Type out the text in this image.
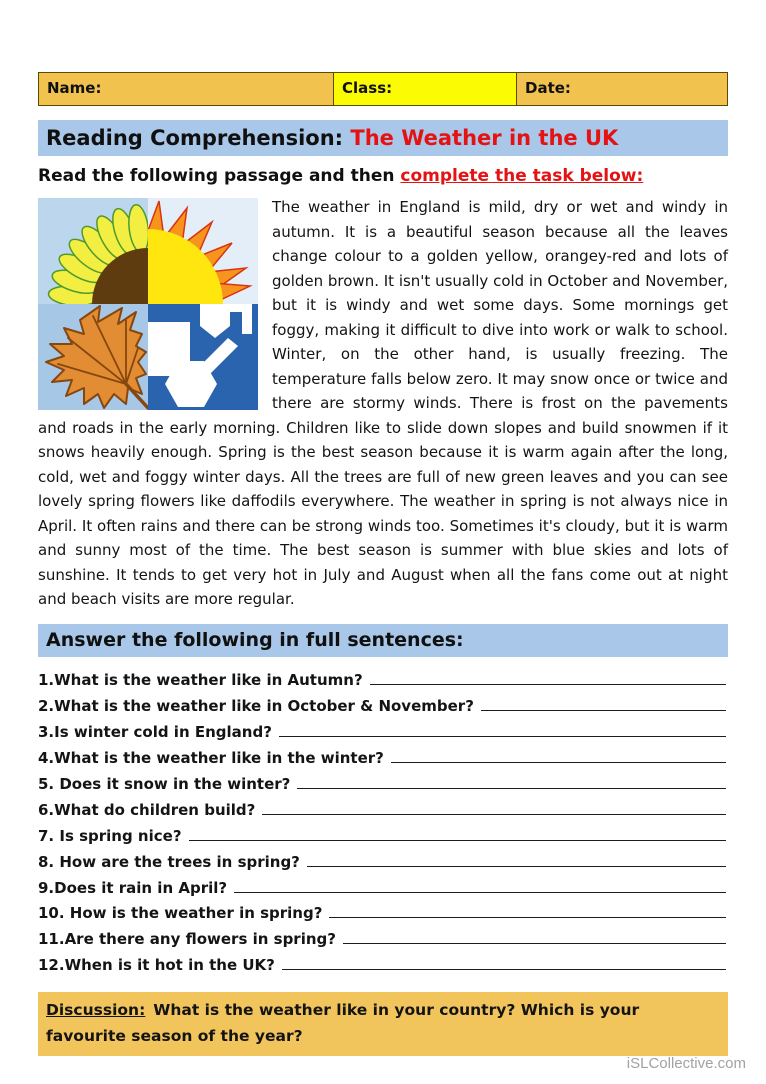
Name:	Class:	Date:
Reading Comprehension: The Weather in the UK
Read the following passage and then complete the task below:
The weather in England is mild, dry or wet and windy in autumn. It is a beautiful season because all the leaves change colour to a golden yellow, orangey-red and lots of golden brown. It isn't usually cold in October and November, but it is windy and wet some days. Some mornings get foggy, making it difficult to dive into work or walk to school. Winter, on the other hand, is usually freezing. The temperature falls below zero. It may snow once or twice and there are stormy winds. There is frost on the pavements and roads in the early morning. Children like to slide down slopes and build snowmen if it snows heavily enough. Spring is the best season because it is warm again after the long, cold, wet and foggy winter days. All the trees are full of new green leaves and you can see lovely spring flowers like daffodils everywhere. The weather in spring is not always nice in April. It often rains and there can be strong winds too. Sometimes it's cloudy, but it is warm and sunny most of the time. The best season is summer with blue skies and lots of sunshine. It tends to get very hot in July and August when all the fans come out at night and beach visits are more regular.
Answer the following in full sentences:
1.What is the weather like in Autumn?
2.What is the weather like in October & November?
3.Is winter cold in England?
4.What is the weather like in the winter?
5. Does it snow in the winter?
6.What do children build?
7. Is spring nice?
8. How are the trees in spring?
9.Does it rain in April?
10. How is the weather in spring?
11.Are there any flowers in spring?
12.When is it hot in the UK?
Discussion: What is the weather like in your country? Which is your favourite season of the year?
iSLCollective.com
